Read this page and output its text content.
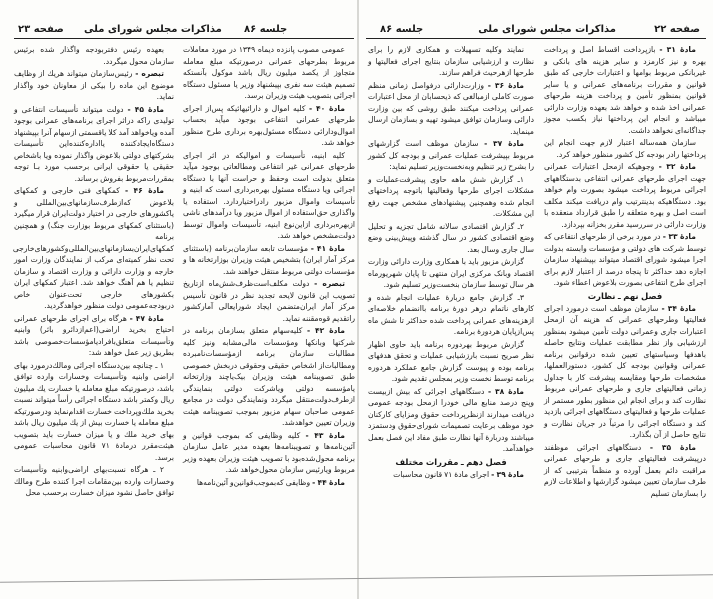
صفحه ۲۳ مذاکرات مجلس شورای ملی جلسه ۸۶

عمومی مصوب پانزده دیماه ۱۳۴۹ در مورد معاملات مربوط بطرحهای عمرانی درصورتیکه مبلغ معامله متجاوز از یکصد میلیون ریال باشد موکول بآنستکه تصمیم هیئت سه نفری بپیشنهاد وزیر یا مسئول دستگاه اجرائی بتصویب هیئت وزیران برسد.

مادهٔ ۴۰ - کلیه اموال و دارائیهائیکه پس‌از اجرای طرحهای عمرانی انتفاعی بوجود میآید بحساب اموال‌ودارائی دستگاه مسئول‌بهره برداری طرح منظور خواهد شد.

کلیه ابنیه، تأسیسات و اموالیکه در اثر اجرای طرحهای عمرانی غیر انتفاعی ومطالعاتی بوجود میآید متعلق بدولت است وحفظ و حراست آنها با دستگاه اجرائی ویا دستگاه مسئول بهره‌برداری است که ابنیه و تأسیسات واموال مزبور رادراختیاردارد. استفاده یا واگذاری حق‌استفاده از اموال مزبور ویا درآمدهای ناشی ازبهره‌برداری ازاین‌نوع ابنیه، تأسیسات واموال توسط دولت‌مشخص خواهد شد.

مادهٔ ۴۱ - مؤسسات تابعه سازمان‌برنامه (باستثنای مرکز آمار ایران) بتشخیص هیئت وزیران بوزارتخانه ها و مؤسسات دولتی مربوط منتقل خواهند شد.

تبصره - دولت مکلف‌است‌ظرف‌شش‌ماه ازتاریخ تصویب این قانون لایحه تجدید نظر در قانون تأسیس مرکز آمار ایران‌متضمن ایجاد شورایعالی آمارکشور راتقدیم قوه‌مقننه نماید.

مادهٔ ۴۲ - کلیه‌سهام متعلق بسازمان برنامه در شرکتها وبانکها ومؤسسات مالی‌مشابه ونیز کلیه مطالبات سازمان برنامه ازمؤسسات‌نامبرده ومطالبات‌از اشخاص حقیقی وحقوقی دربخش خصوصی طبق تصویبنامه هیئت وزیران بیک‌یاچند وزارتخانه یامؤسسه دولتی ویاشرکت دولتی بنمایندگی ازطرف‌دولت‌منتقل میگردد ونمایندگی دولت در مجامع عمومی صاحبان سهام مزبور بموجب تصویبنامه هیئت وزیران تعیین خواهدشد.

مادهٔ ۴۳ - کلیه وظایفی که بموجب قوانین و آئین‌نامه‌ها و تصویبنامه‌ها بعهده مدیر عامل سازمان برنامه محول‌شده‌بود با تصویب هیئت وزیران بعهده وزیر مربوط ویارئیس سازمان محول‌خواهد شد.

مادهٔ ۴۴ - وظایفی که‌بموجب‌قوانین‌و آئین‌نامه‌ها

بعهده رئیس دفتربودجه واگذار شده برئیس سازمان محول میگردد.

تبصره - رئیس‌سازمان میتواند هریك از وظایف موضوع این ماده را بیکی از معاونان خود واگذار نماید.

مادهٔ ۴۵ - دولت میتواند تأسیسات انتفاعی و تولیدی راکه دراثر اجرای برنامه‌های عمرانی بوجود آمده ویاخواهد آمد کلا یاقسمتی ازسهام آنرا بپیشنهاد دستگاه‌ایجادکننده یااداره‌کننده‌این تأسیسات بشرکتهای دولتی بلاعوض واگذار نموده ویا باشخاص حقیقی یا حقوقی ایرانی برحسب مورد بـا توجه بمقررات‌مربوط بفروش برساند.

مادهٔ ۴۶ - کمکهای فنی خارجی و کمکهای بلاعوض که‌ازطرف‌سازمانهای‌بین‌المللی و یاکشورهای خارجی در اختیار دولت‌ایران قرار میگیرد (باستثنای کمکهای مربوط بوزارت جنگ) و همچنین برنامه کمکهای‌ایران‌بسازمانهای‌بین‌المللی‌وکشورهای‌خارجی تحت نظر کمیته‌ای مرکب از نمایندگان وزارت امور خارجه و وزارت دارائی و وزارت اقتصاد و سازمان تنظیم یا هم آهنگ خواهد شد. اعتبار کمکهای ایران بکشورهای خارجی تحت‌عنوان خاص دربودجه‌عمومی دولت منظور خواهدگردید.

مادهٔ ۴۷ - هرگاه برای اجرای طرحهای عمرانی احتیاج بخرید اراضی(اعم‌ازدائرو بائر) وابنیه وتأسیسات متعلق‌بافرادیامؤسسات‌خصوصی باشد بطریق زیر عمل خواهد شد:

۱ ـ چنانچه بین‌دستگاه اجرائی ومالك‌درمورد بهای اراضی وابنیه وتأسیسات وخسارات وارده توافق باشد، درصورتیکه مبلغ معامله یا خسارت یك میلیون ریال وکمتر باشد دستگاه اجرائی رأساً میتواند نسبت بخرید ملك‌وپرداخت خسارت اقدام‌نماید ودرصورتیکه مبلغ معامله یا خسارت بیش از یك میلیون ریال باشد بهای خرید ملك و یا میزان خسارت باید بتصویب هیئت‌مقرر درمادهٔ ۷۱ قانون محاسبات عمومی برسد.

۲ ـ هرگاه نسبت‌بهای اراضی‌وابنیه وتأسیسات وخسارات وارده بین‌مقامات اجرا کننده طرح ومالك توافق حاصل نشود میزان خسارت برحسب محل

صفحه ۲۲
مذاکرات مجلس شورای ملی
جلسه ۸۶

مادهٔ ۳۱ - بازپرداخت اقساط اصل و پرداخت بهره و نیز کارمزد و سایر هزینه های بانکی و غیربانکی مربوط بوامها و اعتبارات خارجی که طبق قوانین و مقررات برنامه‌های عمرانی و یا سایر قوانین بمنظور تأمین و پرداخت هزینه طرحهای عمرانی اخذ شده و خواهد شد بعهده وزارت دارائی میباشد و انجام این پرداختها نیاز بکسب مجوز جداگانه‌ای نخواهد داشت.

سازمان همه‌ساله اعتبار لازم جهت انجام این پرداختها رادر بودجه کل کشور منظور خواهد کرد.

مادهٔ ۳۲ - وجوهیکه ازمحل اعتبارات عمرانی جهت اجرای طرحهای عمرانی انتفاعی بدستگاههای اجرائی مربوط پرداخت میشود بصورت وام خواهد بود. دستگاهیکه بدینترتیب وام دریافت میکند مکلف است اصل و بهره متعلقه را طبق قرارداد منعقده با وزارت دارائی در سررسید مقرر بخزانه بپردازد.

مادهٔ ۳۳ - در مورد برخی از طرحهای انتفاعی که توسط شرکت های دولتی و مؤسسات وابسته بدولت اجرا میشود شورای اقتصاد میتواند بپیشنهاد سازمان اجازه دهد حداکثر تا پنجاه درصد از اعتبار لازم برای اجرای طرح انتفاعی بصورت بلاعوض اعطاء شود.

فصل نهم ـ نظارت

مادهٔ ۳۴ - سازمان موظف است درمورد اجرای فعالیتها وطرحهای عمرانی که هزینه آن ازمحل اعتبارات جاری وعمرانی دولت تأمین میشود بمنظور ارزشیابی واز نظر مطابقت عملیات ونتایج حاصله باهدفها وسیاستهای تعیین شده درقوانین برنامه عمرانی وقوانین بودجه کل کشور، دستورالعملها، مشخصات طرحها ومقایسه پیشرفت کار با جداول زمانی فعالیتهای جاری و طرحهای عمرانی مربوط نظارت کند و برای انجام این منظور بطور مستمر از عملیات طرحها و فعالیتهای دستگاههای اجرائی بازدید کند و دستگاه اجرائی را مرتباً در جریان نظارت و نتایج حاصل از آن بگذارد.

مادهٔ ۳۵ - دستگاههای اجرائی موظفند درپیشرفت فعالیتهای جاری و طرحهای عمرانی مراقبت دائم بعمل آورده و منظماً بترتیبی که از طرف سازمان تعیین میشود گزارشها و اطلاعات لازم را بسازمان تسلیم

نمایند وکلیه تسهیلات و همکاری لازم را برای نظارت و ارزشیابی سازمان بنتایج اجرای فعالیتها و طرحها ازهرحیث فراهم سازند.

مادهٔ ۳۶ - وزارت‌دارائی درفواصل زمانی منظم صورت کاملی ازمبالغی که ذیحسابان از محل اعتبارات عمرانی پرداخت میکنند طبق روشی که بین وزارت دارائی وسازمان توافق میشود تهیه و بسازمان ارسال مینماید.

مادهٔ ۳۷ - سازمان موظف است گزارشهای مربوط بپیشرفت عملیات عمرانی و بودجه کل کشور را بشرح زیر تنظیم وبه‌نخست‌وزیر تسلیم نماید:

۱ـ گزارش شش ماهه حاوی پیشرفت‌عملیات و مشکلات اجرای طرحها وفعالیتها باتوجه پرداختهای انجام شده وهمچنین پیشنهادهای مشخص جهت رفع این مشکلات.

۲ـ گزارش اقتصادی سالانه شامل تجزیه و تحلیل وضع اقتصادی کشور در سال گذشته وپیش‌بینی وضع سال جاری وسال بعد.

گزارش مزبور باید با همکاری وزارت دارائی وزارت اقتصاد وبانک مرکزی ایران منتهی تا پایان شهریورماه هر سال توسط سازمان بنخست‌وزیر تسلیم شود.

۳ـ گزارش جامع دربارهٔ عملیات انجام شده و کارهای ناتمام درهر دورهٔ برنامه باانضمام خلاصه‌ای ازهزینه‌های عمرانی پرداخت شده حداکثر تا شش ماه پس‌ازپایان هردورهٔ برنامه.

گزارش مربوط بهردوره برنامه باید حاوی اظهار نظر صریح نسبت بارزشیابی عملیات و تحقق هدفهای برنامه بوده و پیوست گزارش جامع عملکرد هردوره برنامه توسط نخست وزیر بمجلس تقدیم شود.

مادهٔ ۳۸ - دستگاههای اجرائی که بیش ازبیست وپنج درصد منابع مالی خودرا ازمحل بودجه عمومی دریافت میدارند ازنظرپرداخت حقوق ومزایای کارکنان خود موظف برعایت تصمیمات شورای‌حقوق ودستمزد میباشند ودربارهٔ آنها نظارت طبق مفاد این فصل بعمل خواهدآمد.

فصل دهم ـ مقررات مختلف

مادهٔ ۳۹ - اجرای مادهٔ ۷۱ قانون محاسبات
